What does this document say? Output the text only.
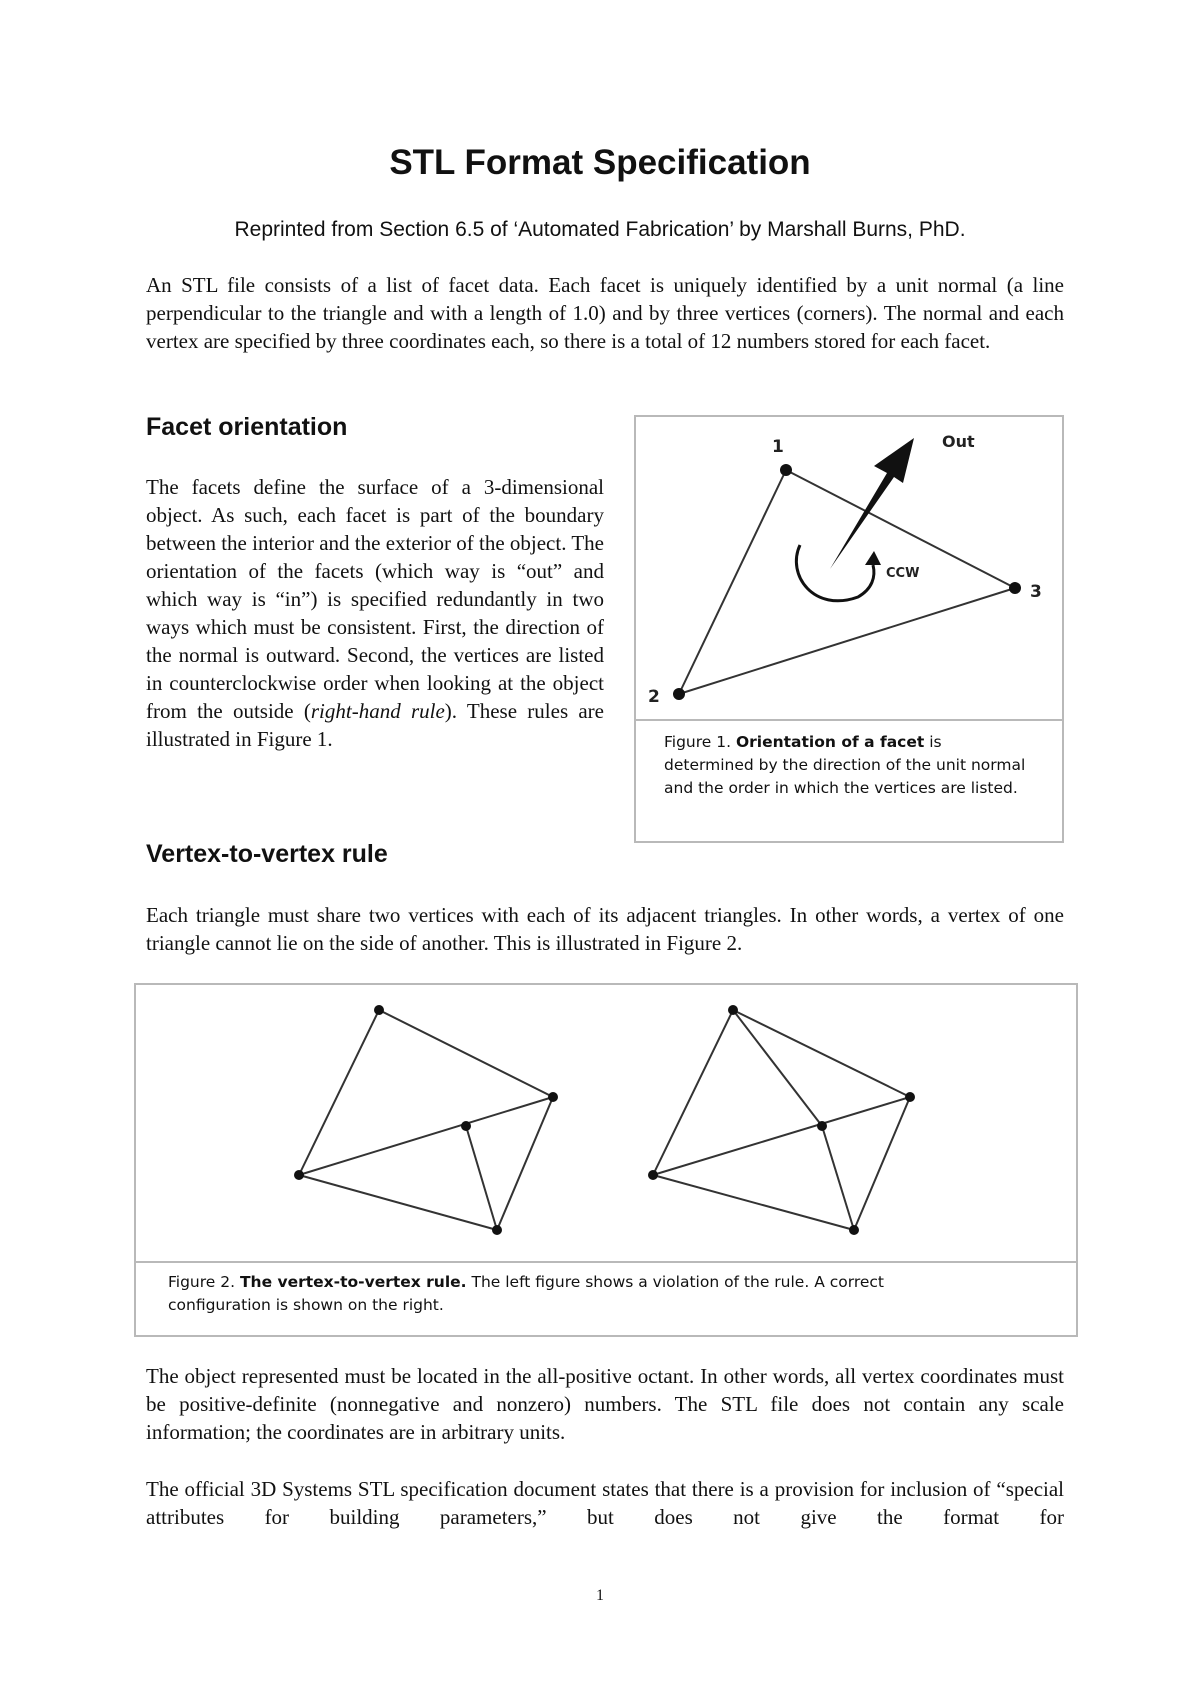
STL Format Specification

Reprinted from Section 6.5 of ‘Automated Fabrication’ by Marshall Burns, PhD.

An STL file consists of a list of facet data. Each facet is uniquely identified by a unit normal (a line perpendicular to the triangle and with a length of 1.0) and by three vertices (corners). The normal and each vertex are specified by three coordinates each, so there is a total of 12 numbers stored for each facet.

Facet orientation

The facets define the surface of a 3-dimensional object. As such, each facet is part of the boundary between the interior and the exterior of the object. The orientation of the facets (which way is “out” and which way is “in”) is specified redundantly in two ways which must be consistent. First, the direction of the normal is outward. Second, the vertices are listed in counterclockwise order when looking at the object from the outside (right-hand rule). These rules are illustrated in Figure 1.

1
2
3
Out
CCW

Figure 1. Orientation of a facet is determined by the direction of the unit normal and the order in which the vertices are listed.

Vertex-to-vertex rule

Each triangle must share two vertices with each of its adjacent triangles. In other words, a vertex of one triangle cannot lie on the side of another. This is illustrated in Figure 2.

Figure 2. The vertex-to-vertex rule. The left figure shows a violation of the rule. A correct configuration is shown on the right.

The object represented must be located in the all-positive octant. In other words, all vertex coordinates must be positive-definite (nonnegative and nonzero) numbers. The STL file does not contain any scale information; the coordinates are in arbitrary units.

The official 3D Systems STL specification document states that there is a provision for inclusion of “special attributes for building parameters,” but does not give the format for

1
